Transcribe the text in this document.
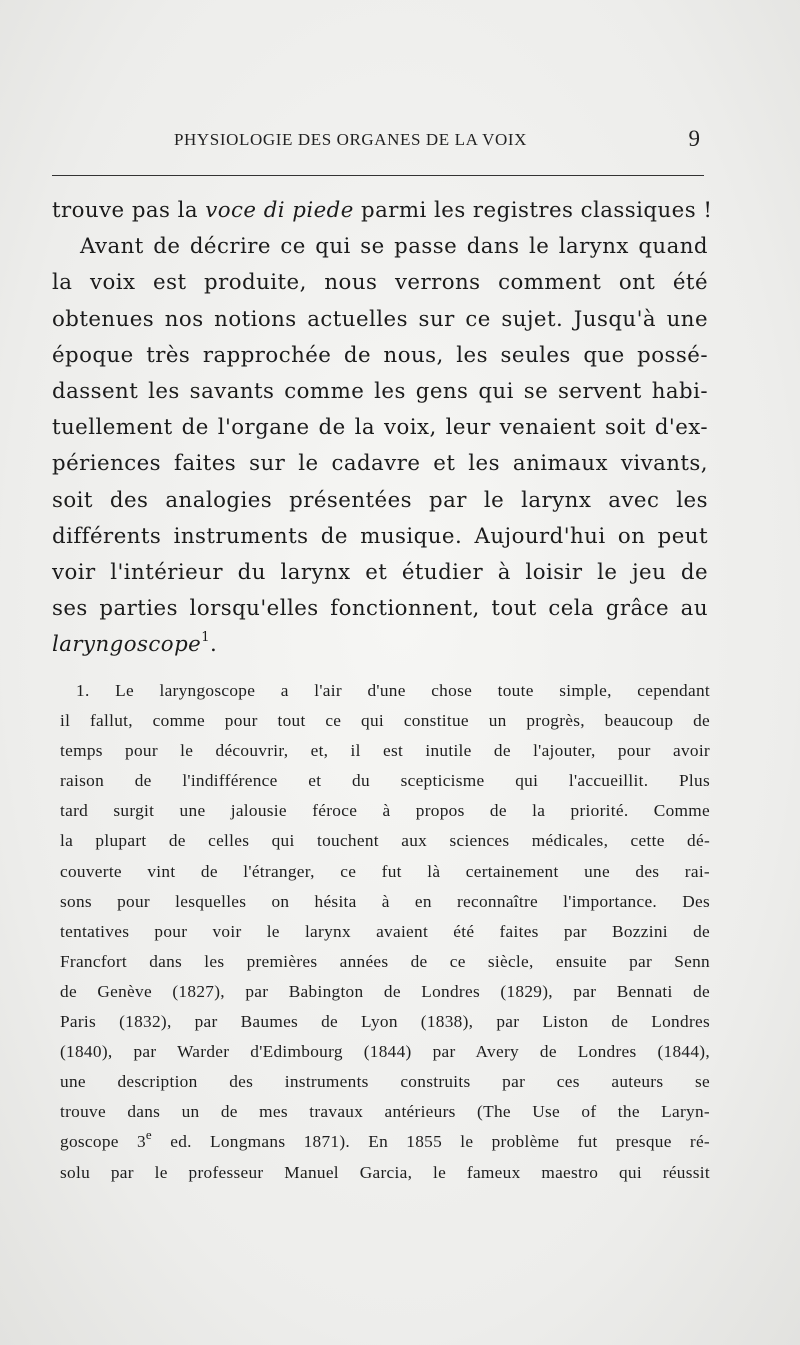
PHYSIOLOGIE DES ORGANES DE LA VOIX	9
trouve pas la voce di piede parmi les registres classiques !
Avant de décrire ce qui se passe dans le larynx quand
la voix est produite, nous verrons comment ont été
obtenues nos notions actuelles sur ce sujet. Jusqu'à une
époque très rapprochée de nous, les seules que possé-
dassent les savants comme les gens qui se servent habi-
tuellement de l'organe de la voix, leur venaient soit d'ex-
périences faites sur le cadavre et les animaux vivants,
soit des analogies présentées par le larynx avec les
différents instruments de musique. Aujourd'hui on peut
voir l'intérieur du larynx et étudier à loisir le jeu de
ses parties lorsqu'elles fonctionnent, tout cela grâce au
laryngoscope$^1$.
1. Le laryngoscope a l'air d'une chose toute simple, cependant
il fallut, comme pour tout ce qui constitue un progrès, beaucoup de
temps pour le découvrir, et, il est inutile de l'ajouter, pour avoir
raison de l'indifférence et du scepticisme qui l'accueillit. Plus
tard surgit une jalousie féroce à propos de la priorité. Comme
la plupart de celles qui touchent aux sciences médicales, cette dé-
couverte vint de l'étranger, ce fut là certainement une des rai-
sons pour lesquelles on hésita à en reconnaître l'importance. Des
tentatives pour voir le larynx avaient été faites par Bozzini de
Francfort dans les premières années de ce siècle, ensuite par Senn
de Genève (1827), par Babington de Londres (1829), par Bennati de
Paris (1832), par Baumes de Lyon (1838), par Liston de Londres
(1840), par Warder d'Edimbourg (1844) par Avery de Londres (1844),
une description des instruments construits par ces auteurs se
trouve dans un de mes travaux antérieurs (The Use of the Laryn-
goscope 3e ed. Longmans 1871). En 1855 le problème fut presque ré-
solu par le professeur Manuel Garcia, le fameux maestro qui réussit
